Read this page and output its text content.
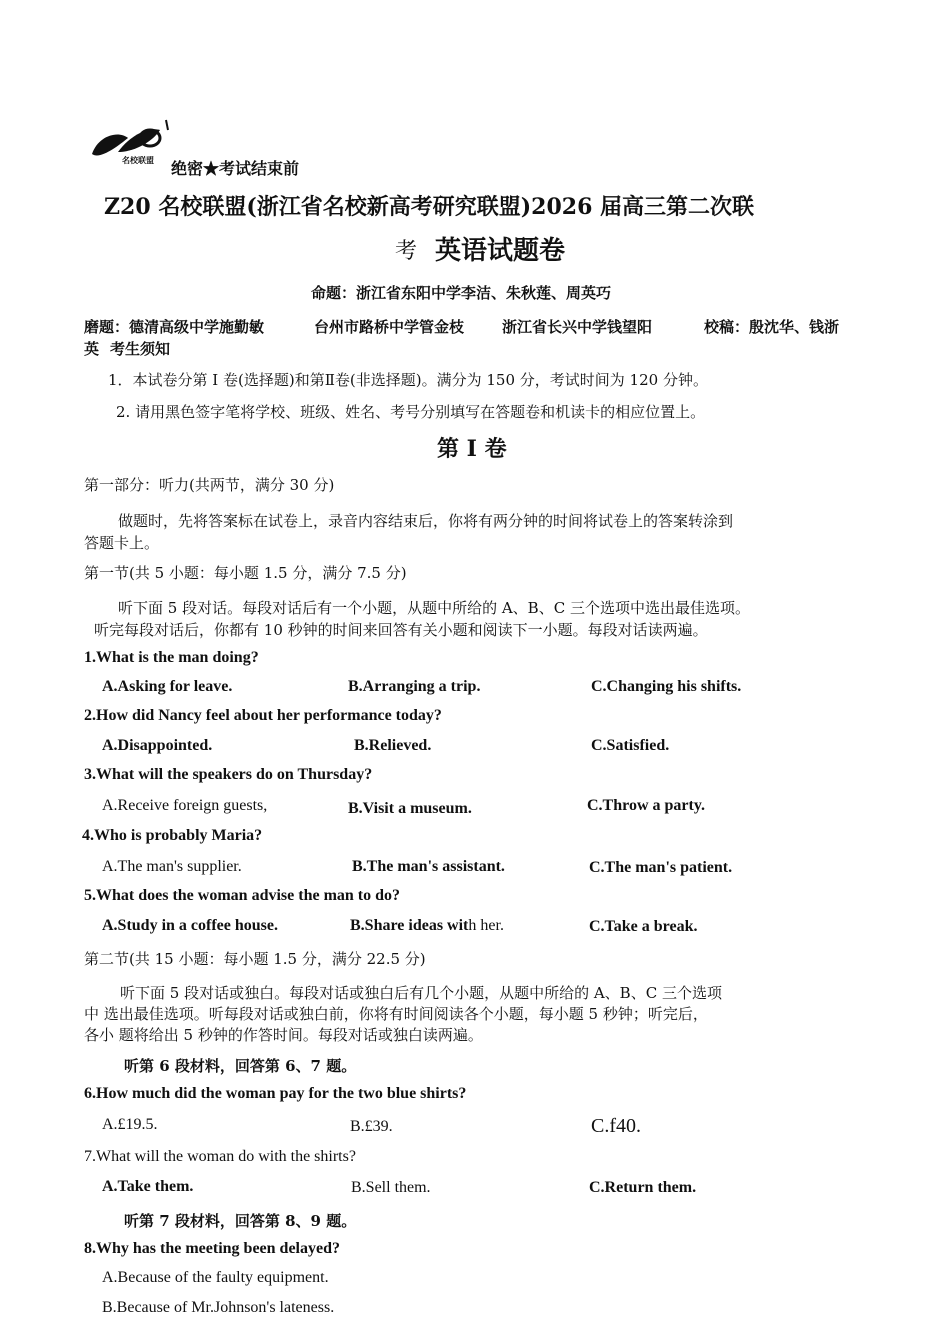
名校联盟 绝密★考试结束前
Z20 名校联盟(浙江省名校新高考研究联盟)2026 届高三第二次联
考 英语试题卷
命题：浙江省东阳中学李洁、朱秋莲、周英巧
磨题：德清高级中学施勤敏	台州市路桥中学管金枝	浙江省长兴中学钱望阳	校稿：殷沈华、钱浙
英 考生须知
1．本试卷分第 I 卷(选择题)和第Ⅱ卷(非选择题)。满分为 150 分，考试时间为 120 分钟。
2. 请用黑色签字笔将学校、班级、姓名、考号分别填写在答题卷和机读卡的相应位置上。
第 I 卷
第一部分：听力(共两节，满分 30 分)
做题时，先将答案标在试卷上，录音内容结束后，你将有两分钟的时间将试卷上的答案转涂到
答题卡上。
第一节(共 5 小题：每小题 1.5 分，满分 7.5 分)
听下面 5 段对话。每段对话后有一个小题，从题中所给的 A、B、C 三个选项中选出最佳选项。
听完每段对话后，你都有 10 秒钟的时间来回答有关小题和阅读下一小题。每段对话读两遍。
1.What is the man doing?
A.Asking for leave.	B.Arranging a trip.	C.Changing his shifts.
2.How did Nancy feel about her performance today?
A.Disappointed.	B.Relieved.	C.Satisfied.
3.What will the speakers do on Thursday?
A.Receive foreign guests,	B.Visit a museum.	C.Throw a party.
4.Who is probably Maria?
A.The man's supplier.	B.The man's assistant.	C.The man's patient.
5.What does the woman advise the man to do?
A.Study in a coffee house.	B.Share ideas with her.	C.Take a break.
第二节(共 15 小题：每小题 1.5 分，满分 22.5 分)
听下面 5 段对话或独白。每段对话或独白后有几个小题，从题中所给的 A、B、C 三个选项
中 选出最佳选项。听每段对话或独白前，你将有时间阅读各个小题，每小题 5 秒钟；听完后，
各小 题将给出 5 秒钟的作答时间。每段对话或独白读两遍。
听第 6 段材料，回答第 6、7 题。
6.How much did the woman pay for the two blue shirts?
A.£19.5.	B.£39.	C.f40.
7.What will the woman do with the shirts?
A.Take them.	B.Sell them.	C.Return them.
听第 7 段材料，回答第 8、9 题。
8.Why has the meeting been delayed?
A.Because of the faulty equipment.
B.Because of Mr.Johnson's lateness.
